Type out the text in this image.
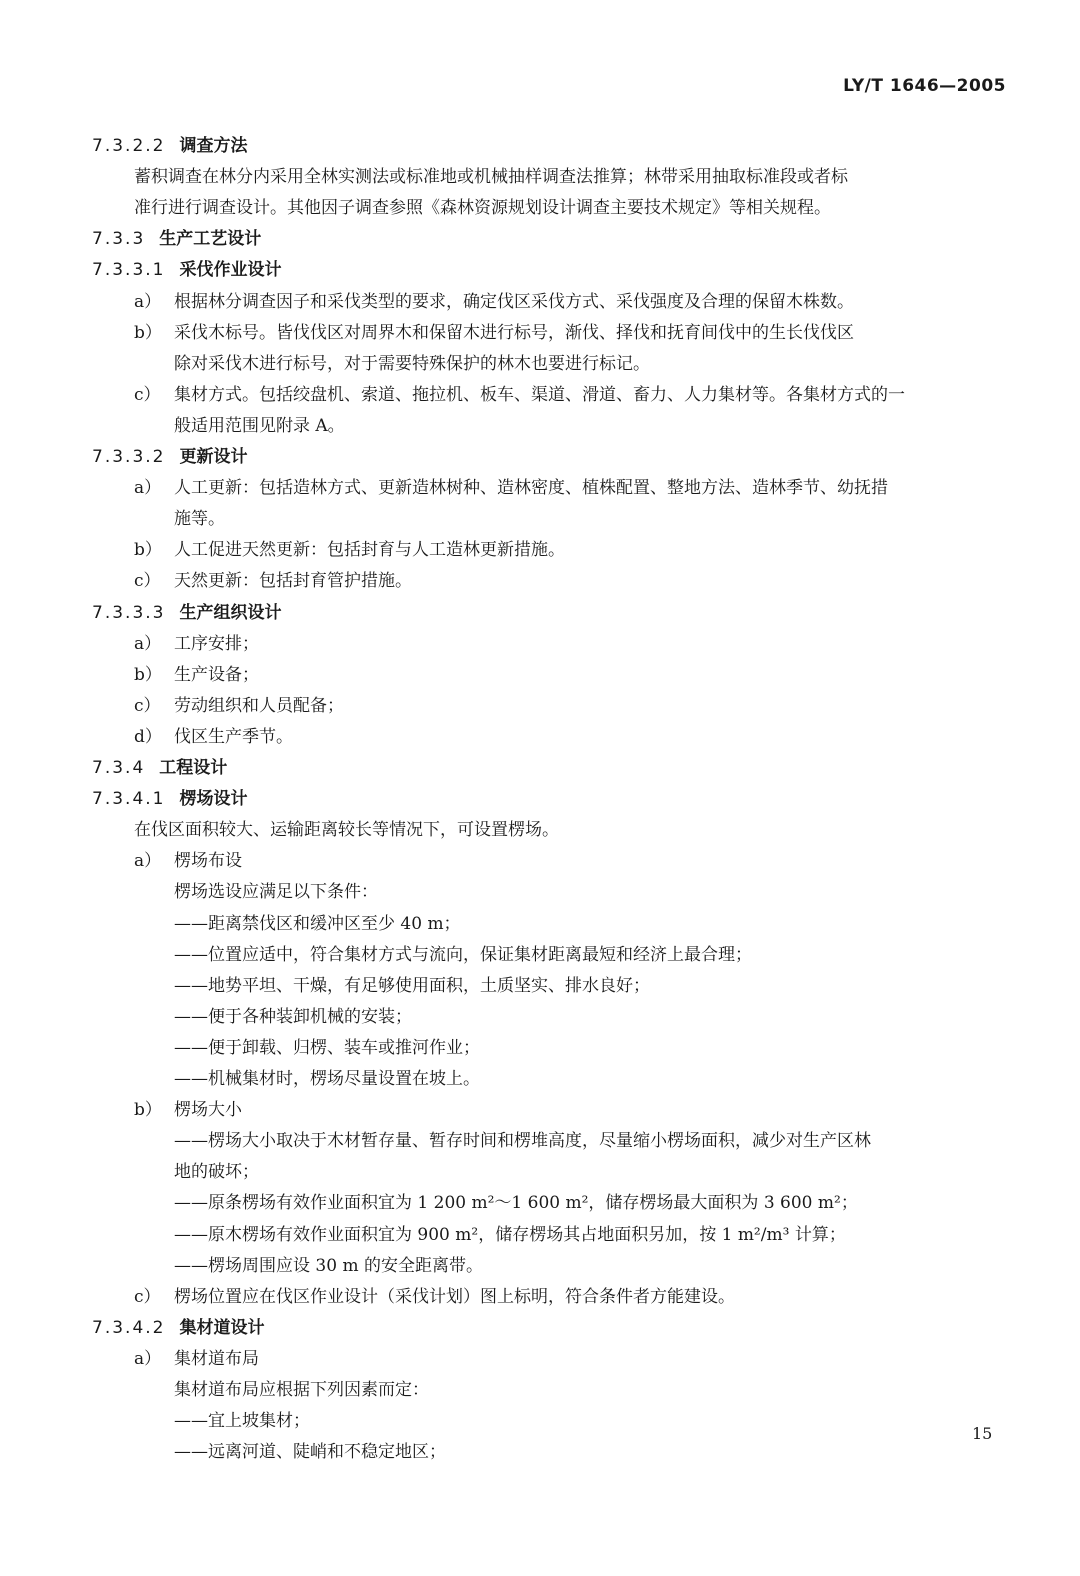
LY/T 1646—2005
7.3.2.2 调查方法
蓄积调查在林分内采用全林实测法或标准地或机械抽样调查法推算；林带采用抽取标准段或者标
准行进行调查设计。其他因子调查参照《森林资源规划设计调查主要技术规定》等相关规程。
7.3.3 生产工艺设计
7.3.3.1 采伐作业设计
a） 根据林分调查因子和采伐类型的要求，确定伐区采伐方式、采伐强度及合理的保留木株数。
b） 采伐木标号。皆伐伐区对周界木和保留木进行标号，渐伐、择伐和抚育间伐中的生长伐伐区
除对采伐木进行标号，对于需要特殊保护的林木也要进行标记。
c） 集材方式。包括绞盘机、索道、拖拉机、板车、渠道、滑道、畜力、人力集材等。各集材方式的一
般适用范围见附录 A。
7.3.3.2 更新设计
a） 人工更新：包括造林方式、更新造林树种、造林密度、植株配置、整地方法、造林季节、幼抚措
施等。
b） 人工促进天然更新：包括封育与人工造林更新措施。
c） 天然更新：包括封育管护措施。
7.3.3.3 生产组织设计
a） 工序安排；
b） 生产设备；
c） 劳动组织和人员配备；
d） 伐区生产季节。
7.3.4 工程设计
7.3.4.1 楞场设计
在伐区面积较大、运输距离较长等情况下，可设置楞场。
a） 楞场布设
楞场选设应满足以下条件：
——距离禁伐区和缓冲区至少 40 m；
——位置应适中，符合集材方式与流向，保证集材距离最短和经济上最合理；
——地势平坦、干燥，有足够使用面积，土质坚实、排水良好；
——便于各种装卸机械的安装；
——便于卸载、归楞、装车或推河作业；
——机械集材时，楞场尽量设置在坡上。
b） 楞场大小
——楞场大小取决于木材暂存量、暂存时间和楞堆高度，尽量缩小楞场面积，减少对生产区林
地的破坏；
——原条楞场有效作业面积宜为 1 200 m²～1 600 m²，储存楞场最大面积为 3 600 m²；
——原木楞场有效作业面积宜为 900 m²，储存楞场其占地面积另加，按 1 m²/m³ 计算；
——楞场周围应设 30 m 的安全距离带。
c） 楞场位置应在伐区作业设计（采伐计划）图上标明，符合条件者方能建设。
7.3.4.2 集材道设计
a） 集材道布局
集材道布局应根据下列因素而定：
——宜上坡集材；
——远离河道、陡峭和不稳定地区；
15
